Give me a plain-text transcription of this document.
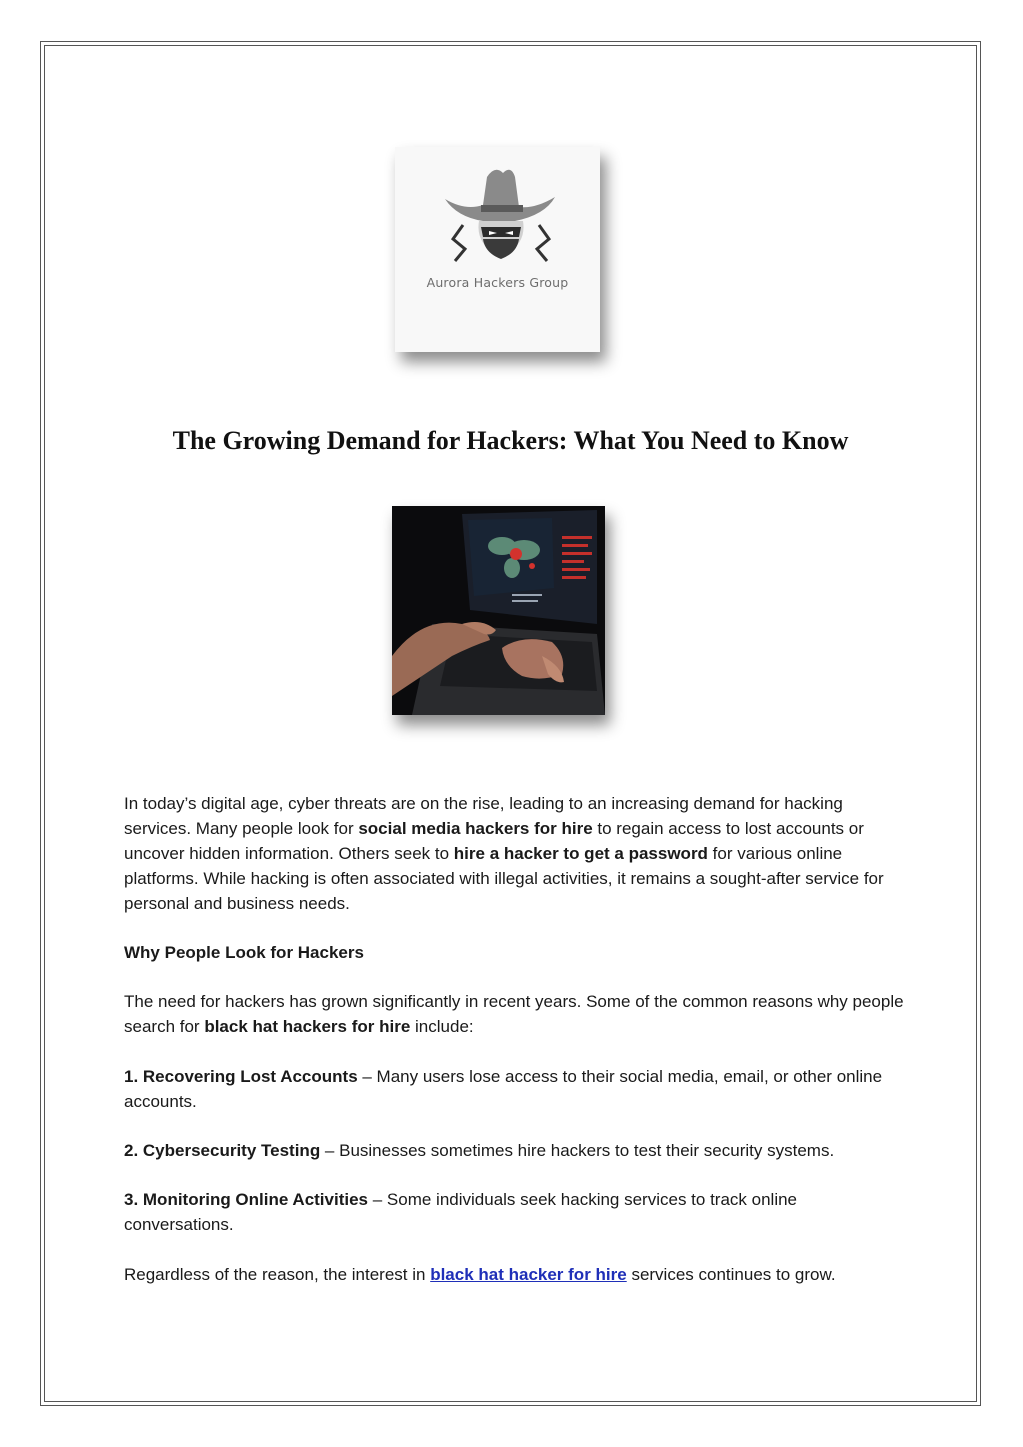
Aurora Hackers Group
The Growing Demand for Hackers: What You Need to Know

In today’s digital age, cyber threats are on the rise, leading to an increasing demand for hacking services. Many people look for social media hackers for hire to regain access to lost accounts or uncover hidden information. Others seek to hire a hacker to get a password for various online platforms. While hacking is often associated with illegal activities, it remains a sought-after service for personal and business needs.

Why People Look for Hackers

The need for hackers has grown significantly in recent years. Some of the common reasons why people search for black hat hackers for hire include:

1. Recovering Lost Accounts – Many users lose access to their social media, email, or other online accounts.

2. Cybersecurity Testing – Businesses sometimes hire hackers to test their security systems.

3. Monitoring Online Activities – Some individuals seek hacking services to track online conversations.

Regardless of the reason, the interest in black hat hacker for hire services continues to grow.
